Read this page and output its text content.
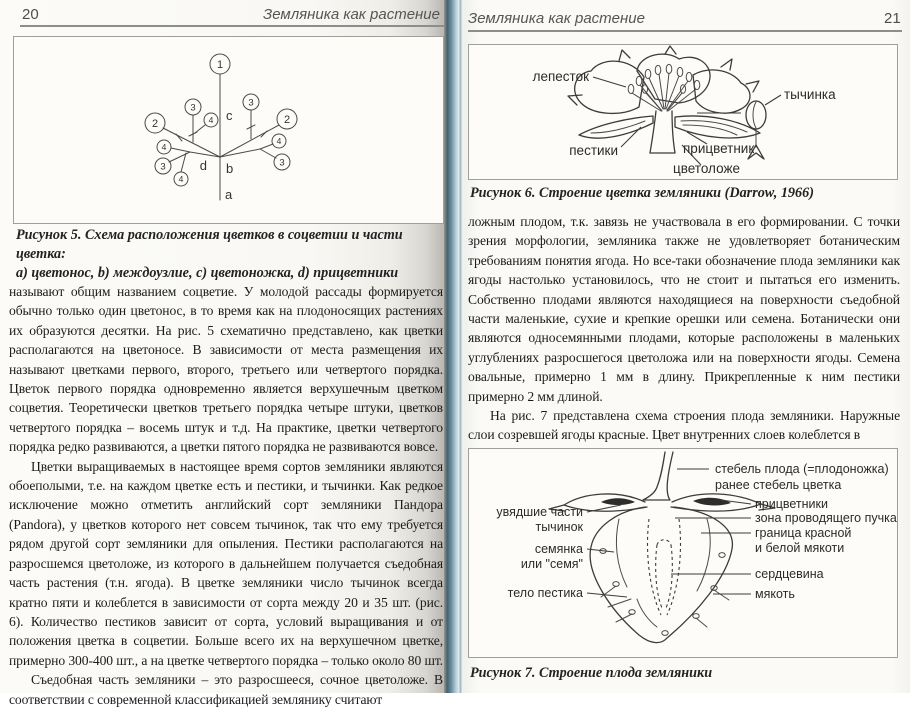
20	Земляника как растение
1
2	2
3
3
3
3
4
4
4
4
c
d b
a
Рисунок 5. Схема расположения цветков в соцветии и части цветка:
a) цветонос, b) междоузлие, c) цветоножка, d) прицветники

называют общим названием соцветие. У молодой рассады формируется обычно только один цветонос, в то время как на плодоносящих растениях их образуются десятки. На рис. 5 схематично представлено, как цветки располагаются на цветоносе. В зависимости от места размещения их называют цветками первого, второго, третьего или четвертого порядка. Цветок первого порядка одновременно является верхушечным цветком соцветия. Теоретически цветков третьего порядка четыре штуки, цветков четвертого порядка – восемь штук и т.д. На практике, цветки четвертого порядка редко развиваются, а цветки пятого порядка не развиваются вовсе.

Цветки выращиваемых в настоящее время сортов земляники являются обоеполыми, т.е. на каждом цветке есть и пестики, и тычинки. Как редкое исключение можно отметить английский сорт земляники Пандора (Pandora), у цветков которого нет совсем тычинок, так что ему требуется рядом другой сорт земляники для опыления. Пестики располагаются на разросшемся цветоложе, из которого в дальнейшем получается съедобная часть растения (т.н. ягода). В цветке земляники число тычинок всегда кратно пяти и колеблется в зависимости от сорта между 20 и 35 шт. (рис. 6). Количество пестиков зависит от сорта, условий выращивания и от положения цветка в соцветии. Больше всего их на верхушечном цветке, примерно 300-400 шт., а на цветке четвертого порядка – только около 80 шт.

Съедобная часть земляники – это разросшееся, сочное цветоложе. В соответствии с современной классификацией землянику считают

Земляника как растение	21
лепесток
тычинка
пестики	прицветник
цветоложе
Рисунок 6. Строение цветка земляники (Darrow, 1966)

ложным плодом, т.к. завязь не участвовала в его формировании. С точки зрения морфологии, земляника также не удовлетворяет ботаническим требованиям понятия ягода. Но все-таки обозначение плода земляники как ягоды настолько установилось, что не стоит и пытаться его изменить. Собственно плодами являются находящиеся на поверхности съедобной части маленькие, сухие и крепкие орешки или семена. Ботанически они являются односемянными плодами, которые расположены в маленьких углублениях разросшегося цветоложа или на поверхности ягоды. Семена овальные, примерно 1 мм в длину. Прикрепленные к ним пестики примерно 2 мм длиной.

На рис. 7 представлена схема строения плода земляники. Наружные слои созревшей ягоды красные. Цвет внутренних слоев колеблется в

стебель плода (=плодоножка)
ранее стебель цветка
прицветники
зона проводящего пучка
граница красной
и белой мякоти
увядшие части
тычинок
семянка
или "семя"
сердцевина
мякоть
тело пестика
Рисунок 7. Строение плода земляники
